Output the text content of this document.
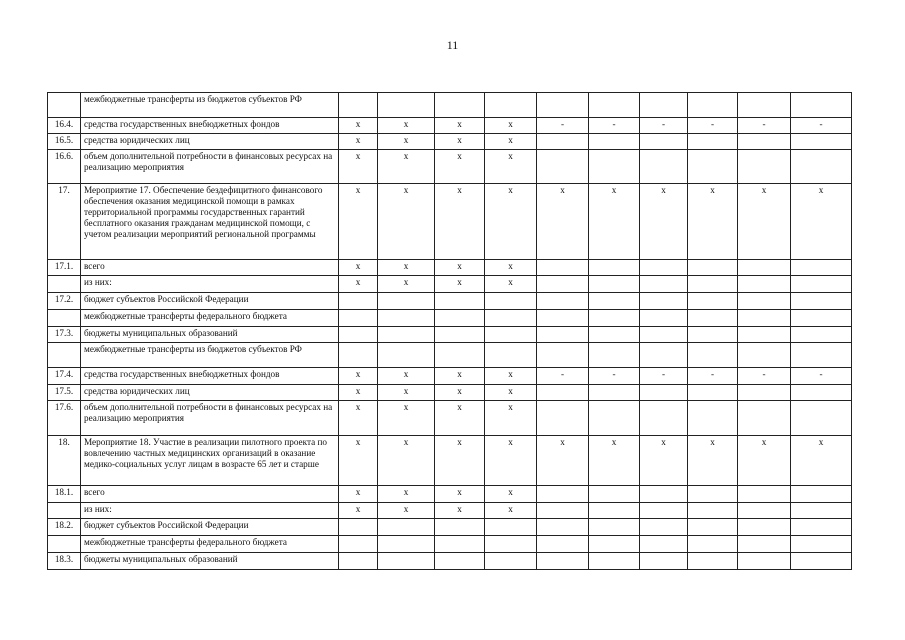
11
	межбюджетные трансферты из бюджетов субъектов РФ										
16.4.	средства государственных внебюджетных фондов	х	х	х	х	-	-	-	-	-	-
16.5.	средства юридических лиц	х	х	х	х						
16.6.	объем дополнительной потребности в финансовых ресурсах на реализацию мероприятия	х	х	х	х						
17.	Мероприятие 17. Обеспечение бездефицитного финансового обеспечения оказания медицинской помощи в рамках территориальной программы государственных гарантий бесплатного оказания гражданам медицинской помощи, с учетом реализации мероприятий региональной программы	х	х	х	х	х	х	х	х	х	х
17.1.	всего	х	х	х	х						
	из них:	х	х	х	х						
17.2.	бюджет субъектов Российской Федерации										
	межбюджетные трансферты федерального бюджета										
17.3.	бюджеты муниципальных образований										
	межбюджетные трансферты из бюджетов субъектов РФ										
17.4.	средства государственных внебюджетных фондов	х	х	х	х	-	-	-	-	-	-
17.5.	средства юридических лиц	х	х	х	х						
17.6.	объем дополнительной потребности в финансовых ресурсах на реализацию мероприятия	х	х	х	х						
18.	Мероприятие 18. Участие в реализации пилотного проекта по вовлечению частных медицинских организаций в оказание медико-социальных услуг лицам в возрасте 65 лет и старше	х	х	х	х	х	х	х	х	х	х
18.1.	всего	х	х	х	х						
	из них:	х	х	х	х						
18.2.	бюджет субъектов Российской Федерации										
	межбюджетные трансферты федерального бюджета										
18.3.	бюджеты муниципальных образований										
